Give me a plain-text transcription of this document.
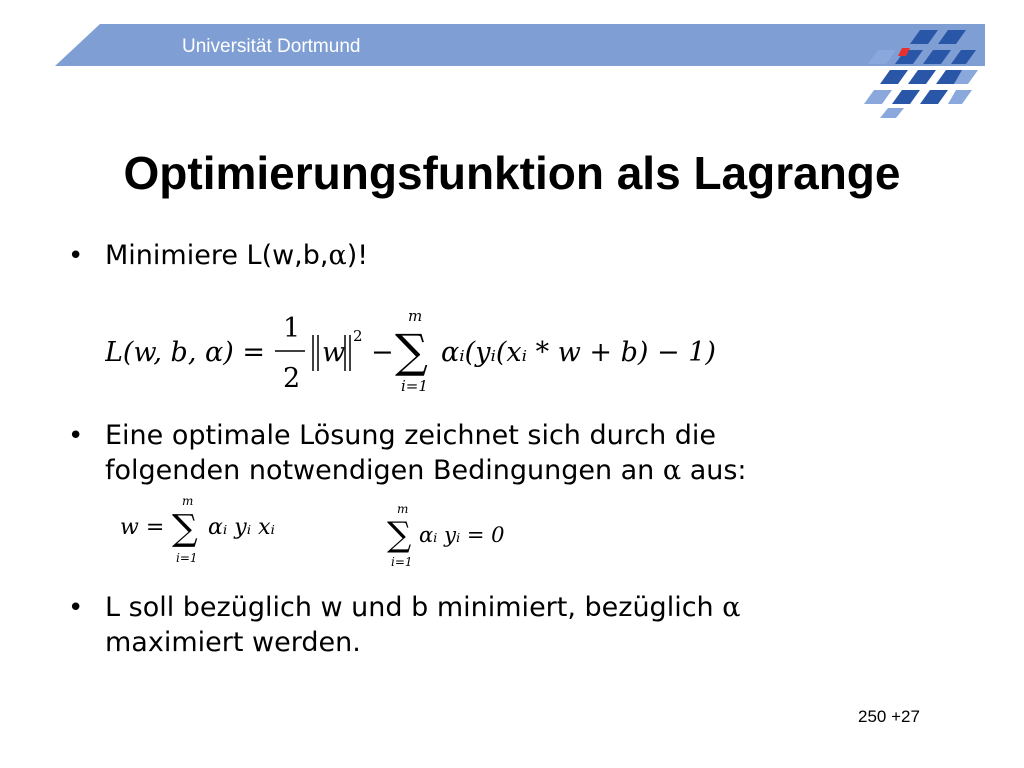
Universität Dortmund
Optimierungsfunktion als Lagrange
• Minimiere L(w,b,α)!
L(w, b, α) =
1
2
w
2
−
m
∑
i=1
αᵢ(yᵢ(xᵢ * w + b) − 1)
• Eine optimale Lösung zeichnet sich durch die
folgenden notwendigen Bedingungen an α aus:
w =
m
∑
i=1
αᵢ yᵢ xᵢ
m
∑
i=1
αᵢ yᵢ = 0
• L soll bezüglich w und b minimiert, bezüglich α
maximiert werden.
250 +27
